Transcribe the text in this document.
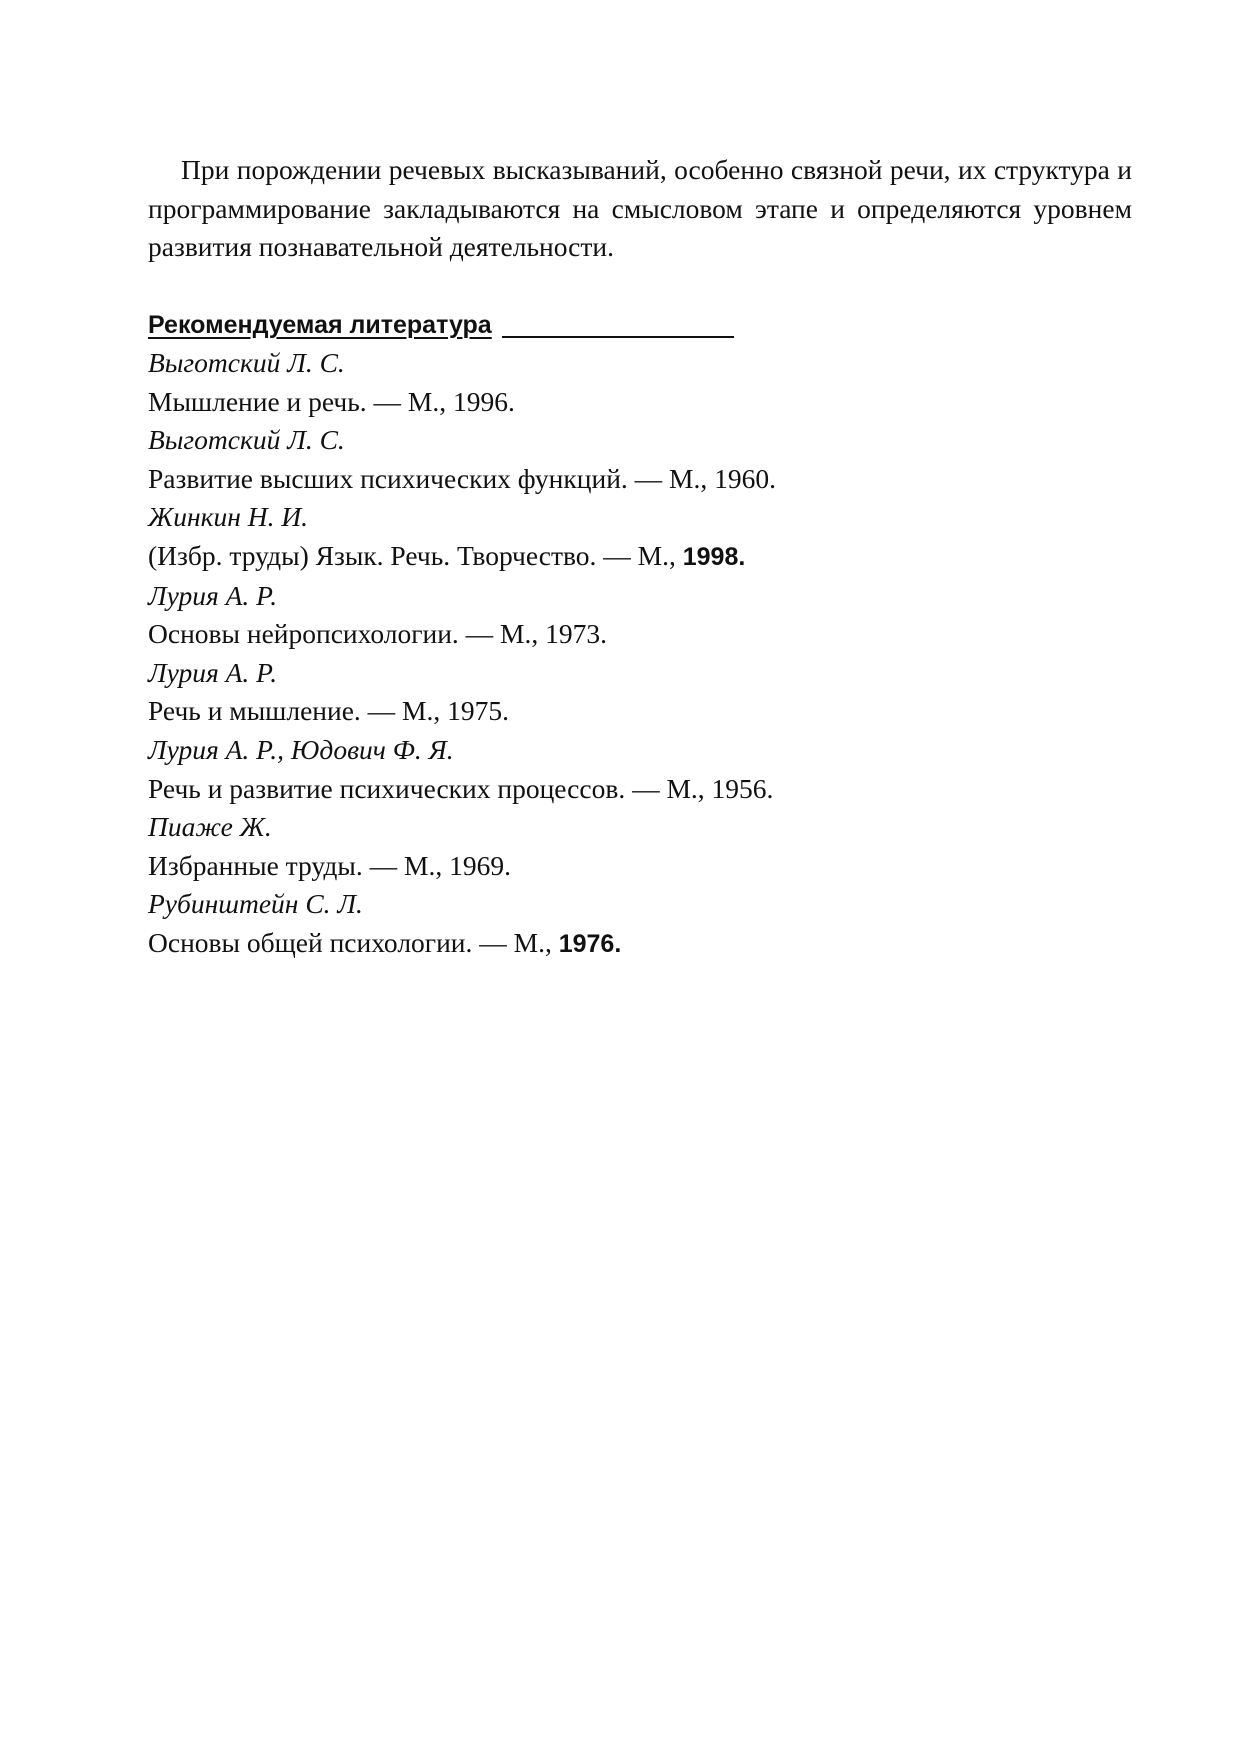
При порождении речевых высказываний, особенно связной речи, их структура и программирование закладываются на смысловом этапе и определяются уровнем развития познавательной деятельности.

Рекомендуемая литература
Выготский Л. С.
Мышление и речь. — М., 1996.
Выготский Л. С.
Развитие высших психических функций. — М., 1960.
Жинкин Н. И.
(Избр. труды) Язык. Речь. Творчество. — М., 1998.
Лурия А. Р.
Основы нейропсихологии. — М., 1973.
Лурия А. Р.
Речь и мышление. — М., 1975.
Лурия А. Р., Юдович Ф. Я.
Речь и развитие психических процессов. — М., 1956.
Пиаже Ж.
Избранные труды. — М., 1969.
Рубинштейн С. Л.
Основы общей психологии. — М., 1976.
